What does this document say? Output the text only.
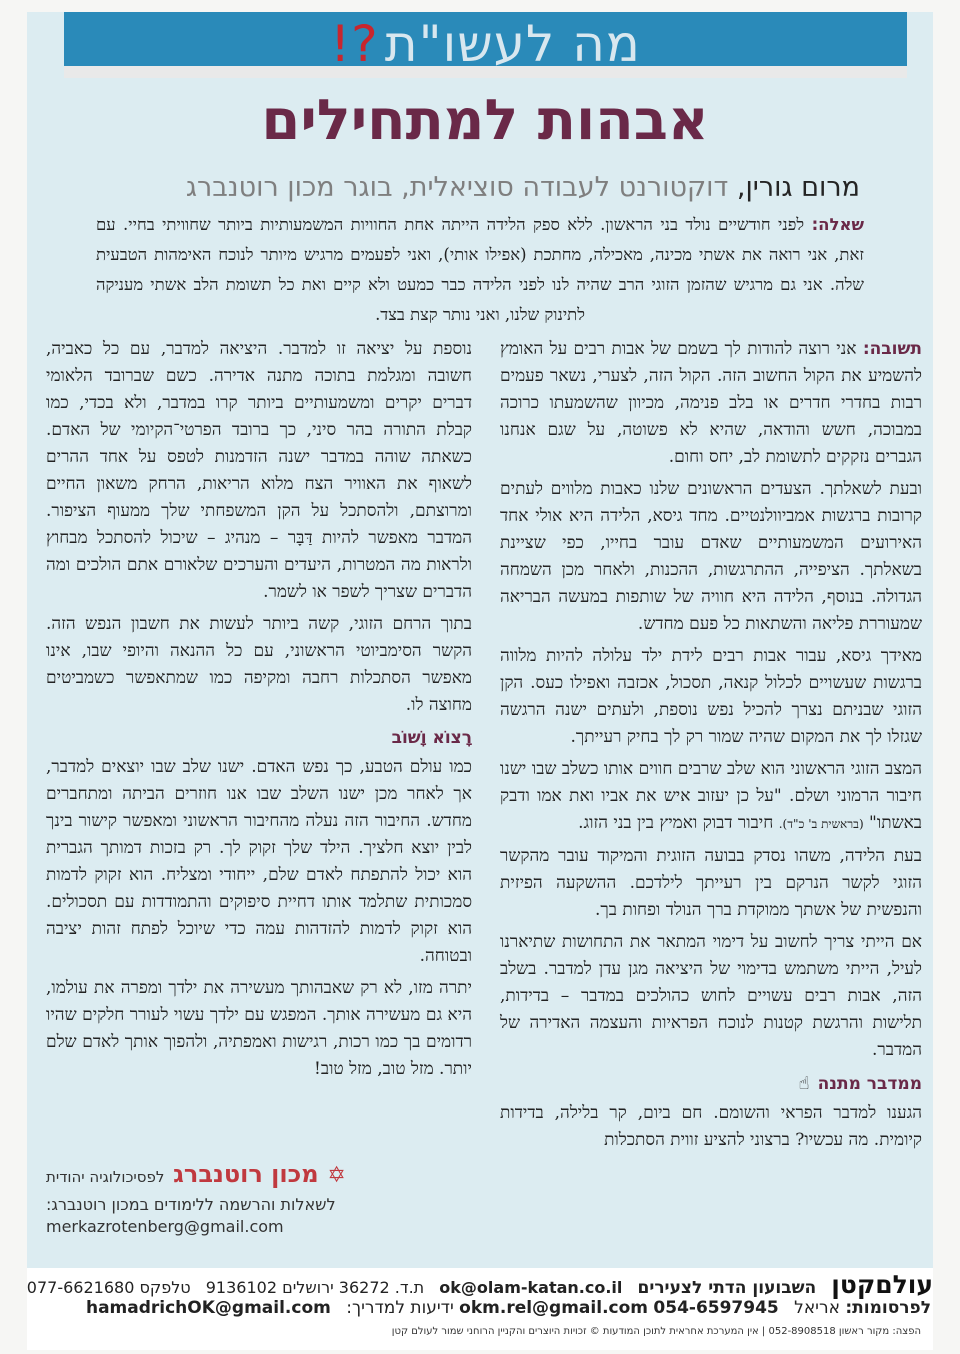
מה לעשו"ת
?!
אבהות למתחילים
מרום גורין, דוקטורנט לעבודה סוציאלית, בוגר מכון רוטנברג
שאלה: לפני חודשיים נולד בני הראשון. ללא ספק הלידה הייתה אחת החוויות המשמעותיות ביותר שחוויתי בחיי. עם זאת, אני רואה את אשתי מכינה, מאכילה, מחתכת (אפילו אותי), ואני לפעמים מרגיש מיותר לנוכח האימהות הטבעית שלה. אני גם מרגיש שהזמן הזוגי הרב שהיה לנו לפני הלידה כבר כמעט ולא קיים ואת כל תשומת הלב אשתי מעניקה לתינוק שלנו, ואני נותר קצת בצד.

תשובה: אני רוצה להודות לך בשמם של אבות רבים על האומץ להשמיע את הקול החשוב הזה. הקול הזה, לצערי, נשאר פעמים רבות בחדרי חדרים או בלב פנימה, מכיוון שהשמעתו כרוכה במבוכה, חשש והודאה, שהיא לא פשוטה, על שגם אנחנו הגברים נזקקים לתשומת לב, יחס וחום.

ובעת לשאלתך. הצעדים הראשונים שלנו כאבות מלווים לעתים קרובות ברגשות אמביוולנטיים. מחד גיסא, הלידה היא אולי אחד האירועים המשמעותיים שאדם עובר בחייו, כפי שציינת בשאלתך. הציפייה, ההתרגשות, ההכנות, ולאחר מכן השמחה הגדולה. בנוסף, הלידה היא חוויה של שותפות במעשה הבריאה שמעוררת פליאה והשתאות כל פעם מחדש.

מאידך גיסא, עבור אבות רבים לידת ילד עלולה להיות מלווה ברגשות שעשויים לכלול קנאה, תסכול, אכזבה ואפילו כעס. הקן הזוגי שבניתם נצרך להכיל נפש נוספת, ולעתים ישנה הרגשה שגזלו לך את המקום שהיה שמור רק לך בחיק רעייתך.

המצב הזוגי הראשוני הוא שלב שרבים חווים אותו כשלב שבו ישנו חיבור הרמוני ושלם. "על כן יעזוב איש את אביו ואת אמו ודבק באשתו" (בראשית ב' כ"ד). חיבור דבוק ואמיץ בין בני הזוג.

בעת הלידה, משהו נסדק בבועה הזוגית והמיקוד עובר מהקשר הזוגי לקשר הנרקם בין רעייתך לילדכם. ההשקעה הפיזית והנפשית של אשתך ממוקדת ברך הנולד ופחות בך.

אם הייתי צריך לחשוב על דימוי המתאר את התחושות שתיארנו לעיל, הייתי משתמש בדימוי של היציאה מגן עדן למדבר. בשלב הזה, אבות רבים עשויים לחוש כהולכים במדבר – בדידות, תלישות והרגשת קטנות לנוכח הפראיות והעצמה האדירה של המדבר.

ממדבר מתנה☝

הגענו למדבר הפראי והשומם. חם ביום, קר בלילה, בדידות קיומית. מה עכשיו? ברצוני להציע זווית הסתכלות

נוספת על יציאה זו למדבר. היציאה למדבר, עם כל כאביה, חשובה ומגלמת בתוכה מתנה אדירה. כשם שברובד הלאומי דברים יקרים ומשמעותיים ביותר קרו במדבר, ולא בכדי, כמו קבלת התורה בהר סיני, כך ברובד הפרטי־הקיומי של האדם. כשאתה שוהה במדבר ישנה הזדמנות לטפס על אחד ההרים לשאוף את האוויר הצח מלוא הריאות, הרחק משאון החיים ומרוצתם, ולהסתכל על הקן המשפחתי שלך ממעוף הציפור. המדבר מאפשר להיות דַּבָּר – מנהיג – שיכול להסתכל מבחוץ ולראות מה המטרות, היעדים והערכים שלאורם אתם הולכים ומה הדברים שצריך לשפר או לשמר.

בתוך הרחם הזוגי, קשה ביותר לעשות את חשבון הנפש הזה. הקשר הסימביוטי הראשוני, עם כל ההנאה והיופי שבו, אינו מאפשר הסתכלות רחבה ומקיפה כמו שמתאפשר כשמביטים מחוצה לו.

רָצוֹא וָשׁוֹב

כמו עולם הטבע, כך נפש האדם. ישנו שלב שבו יוצאים למדבר, אך לאחר מכן ישנו השלב שבו אנו חוזרים הביתה ומתחברים מחדש. החיבור הזה נעלה מהחיבור הראשוני ומאפשר קישור בינך לבין יוצא חלציך. הילד שלך זקוק לך. רק בזכות דמותך הגברית הוא יכול להתפתח לאדם שלם, ייחודי ומצליח. הוא זקוק לדמות סמכותית שתלמד אותו דחיית סיפוקים והתמודדות עם תסכולים. הוא זקוק לדמות להזדהות עמה כדי שיוכל לפתח זהות יציבה ובטוחה.

יתרה מזו, לא רק שאבהותך מעשירה את ילדך ומפרה את עולמו, היא גם מעשירה אותך. המפגש עם ילדך עשוי לעורר חלקים שהיו רדומים בך כמו רכות, רגישות ואמפתיה, ולהפוך אותך לאדם שלם יותר. מזל טוב, מזל טוב!

✡ מכון רוטנברג לפסיכולוגיה יהודית
לשאלות והרשמה ללימודים במכון רוטנברג:
merkazrotenberg@gmail.com
עולםקטן השבועון הדתי לצעירים ok@olam-katan.co.il ת.ד. 36272 ירושלים 9136102 טלפקס 077-6621680
לפרסומות: אריאל okm.rel@gmail.com 054-6597945 ידיעות למדריך: hamadrichOK@gmail.com
הפצה: מקור ראשון 052-8908518 | אין המערכת אחראית לתוכן המודעות © זכויות היוצרים והקניין הרוחני שמור לעולם קטן
